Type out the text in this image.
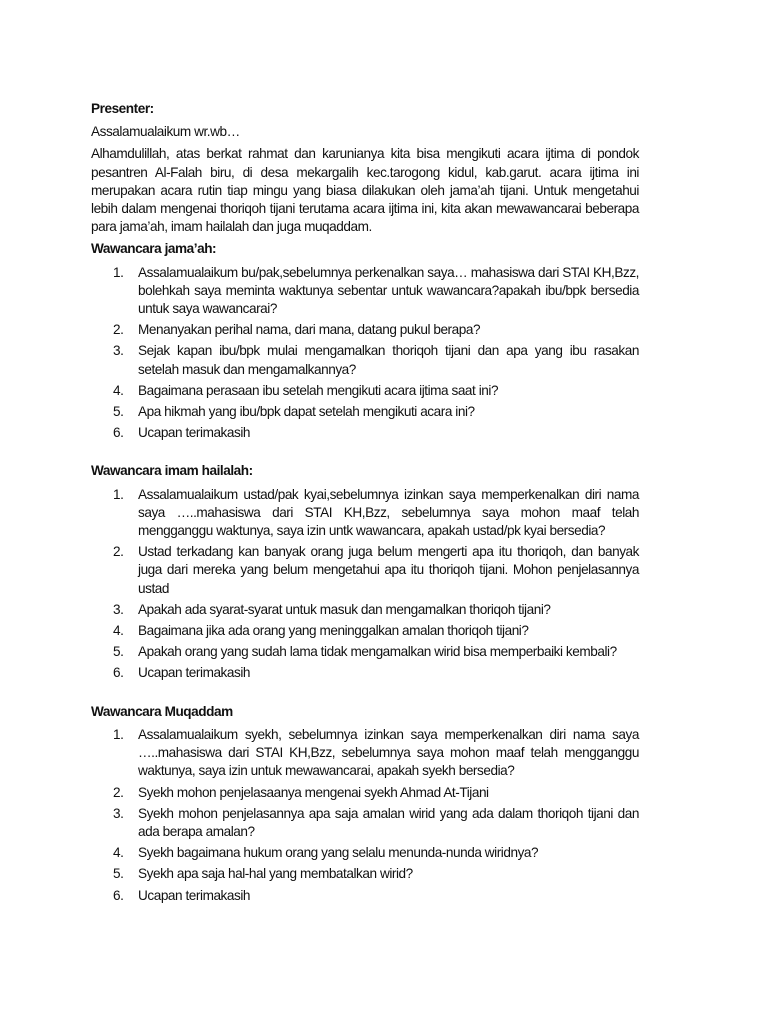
Presenter:
Assalamualaikum wr.wb…
Alhamdulillah, atas berkat rahmat dan karunianya kita bisa mengikuti acara ijtima di pondok pesantren Al-Falah biru, di desa mekargalih kec.tarogong kidul, kab.garut. acara ijtima ini merupakan acara rutin tiap mingu yang biasa dilakukan oleh jama’ah tijani. Untuk mengetahui lebih dalam mengenai thoriqoh tijani terutama acara ijtima ini, kita akan mewawancarai beberapa para jama’ah, imam hailalah dan juga muqaddam.
Wawancara jama’ah:
1. Assalamualaikum bu/pak,sebelumnya perkenalkan saya… mahasiswa dari STAI KH,Bzz, bolehkah saya meminta waktunya sebentar untuk wawancara?apakah ibu/bpk bersedia untuk saya wawancarai?
2. Menanyakan perihal nama, dari mana, datang pukul berapa?
3. Sejak kapan ibu/bpk mulai mengamalkan thoriqoh tijani dan apa yang ibu rasakan setelah masuk dan mengamalkannya?
4. Bagaimana perasaan ibu setelah mengikuti acara ijtima saat ini?
5. Apa hikmah yang ibu/bpk dapat setelah mengikuti acara ini?
6. Ucapan terimakasih
Wawancara imam hailalah:
1. Assalamualaikum ustad/pak kyai,sebelumnya izinkan saya memperkenalkan diri nama saya …..mahasiswa dari STAI KH,Bzz, sebelumnya saya mohon maaf telah mengganggu waktunya, saya izin untk wawancara, apakah ustad/pk kyai bersedia?
2. Ustad terkadang kan banyak orang juga belum mengerti apa itu thoriqoh, dan banyak juga dari mereka yang belum mengetahui apa itu thoriqoh tijani. Mohon penjelasannya ustad
3. Apakah ada syarat-syarat untuk masuk dan mengamalkan thoriqoh tijani?
4. Bagaimana jika ada orang yang meninggalkan amalan thoriqoh tijani?
5. Apakah orang yang sudah lama tidak mengamalkan wirid bisa memperbaiki kembali?
6. Ucapan terimakasih
Wawancara Muqaddam
1. Assalamualaikum syekh, sebelumnya izinkan saya memperkenalkan diri nama saya …..mahasiswa dari STAI KH,Bzz, sebelumnya saya mohon maaf telah mengganggu waktunya, saya izin untuk mewawancarai, apakah syekh bersedia?
2. Syekh mohon penjelasaanya mengenai syekh Ahmad At-Tijani
3. Syekh mohon penjelasannya apa saja amalan wirid yang ada dalam thoriqoh tijani dan ada berapa amalan?
4. Syekh bagaimana hukum orang yang selalu menunda-nunda wiridnya?
5. Syekh apa saja hal-hal yang membatalkan wirid?
6. Ucapan terimakasih
